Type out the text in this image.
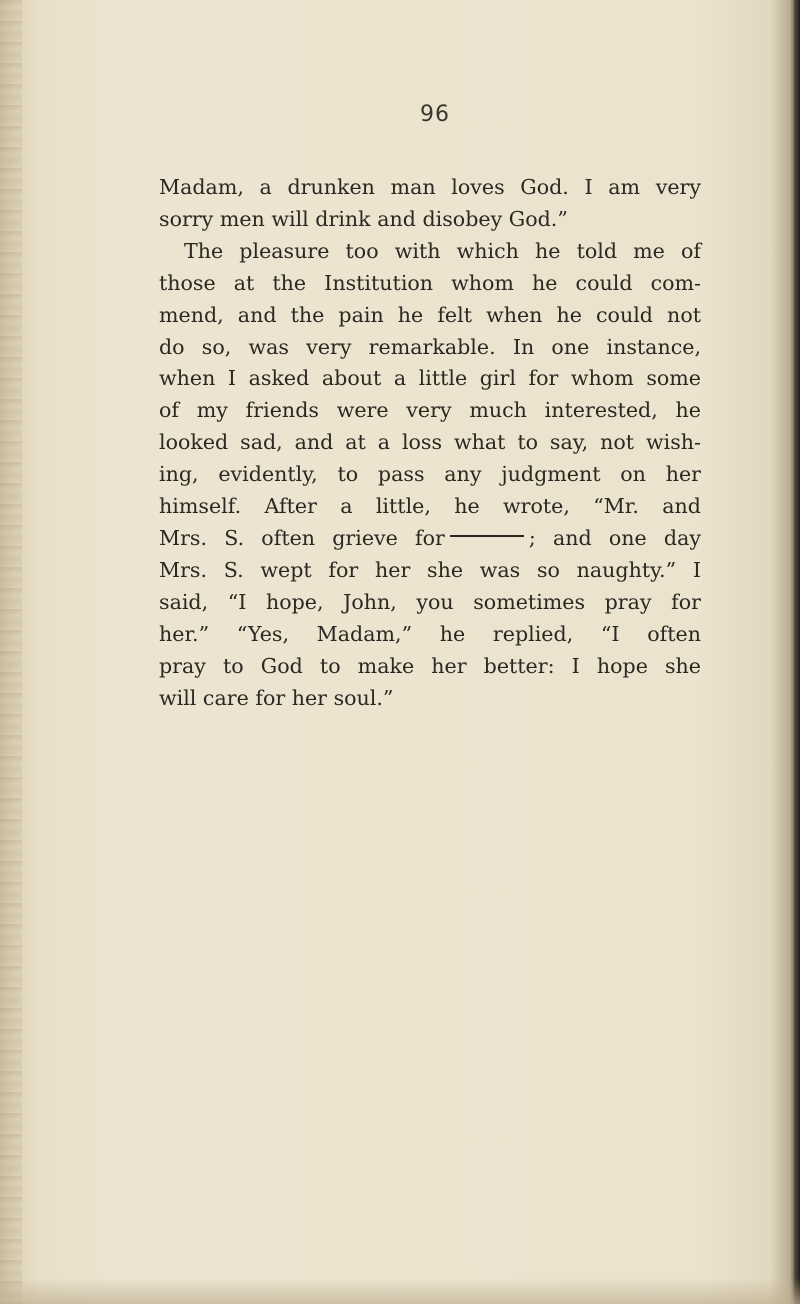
96
Madam, a drunken man loves God. I am very
sorry men will drink and disobey God.”
The pleasure too with which he told me of
those at the Institution whom he could com-
mend, and the pain he felt when he could not
do so, was very remarkable. In one instance,
when I asked about a little girl for whom some
of my friends were very much interested, he
looked sad, and at a loss what to say, not wish-
ing, evidently, to pass any judgment on her
himself. After a little, he wrote, “Mr. and
Mrs. S. often grieve for	; and one day
Mrs. S. wept for her she was so naughty.” I
said, “I hope, John, you sometimes pray for
her.” “Yes, Madam,” he replied, “I often
pray to God to make her better: I hope she
will care for her soul.”
